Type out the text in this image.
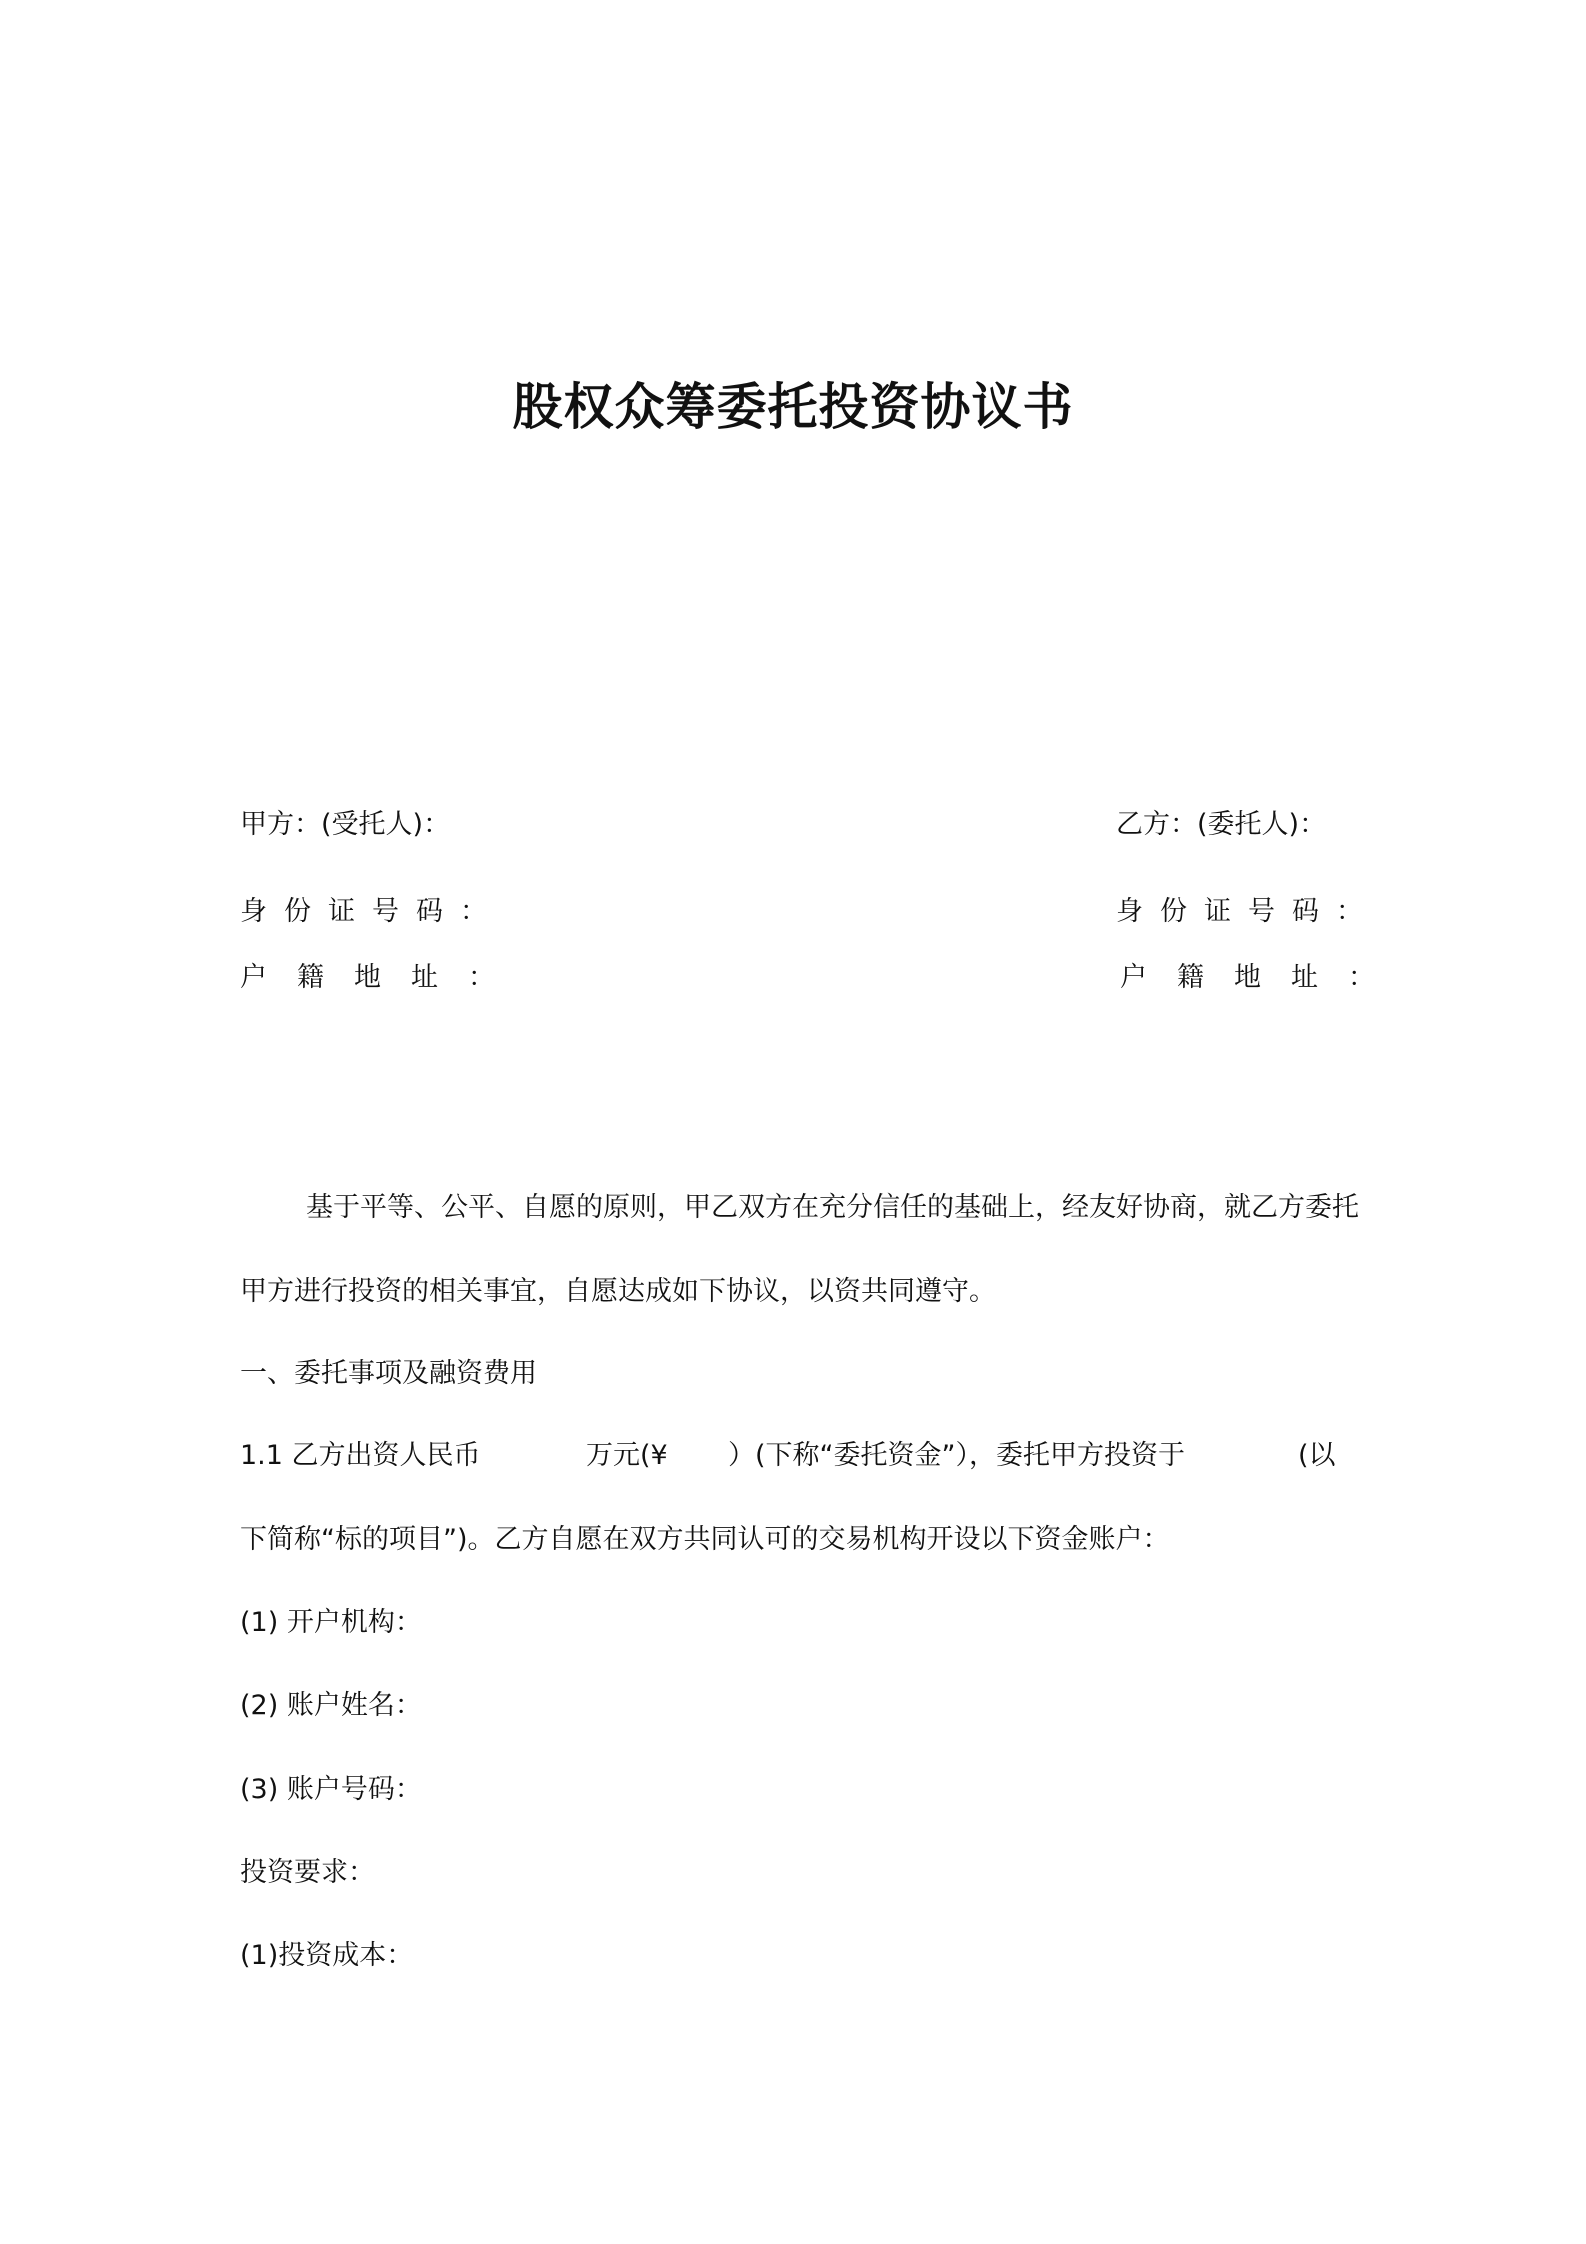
股权众筹委托投资协议书
甲方：(受托人)：
身份证号码：
户籍地址：
乙方：(委托人)：
身份证号码：
户籍地址：
基于平等、公平、自愿的原则，甲乙双方在充分信任的基础上，经友好协商，就乙方委托
甲方进行投资的相关事宜，自愿达成如下协议，以资共同遵守。
一、委托事项及融资费用
1.1 乙方出资人民币	万元(¥ ）(下称“委托资金”），委托甲方投资于	(以
下简称“标的项目”)。乙方自愿在双方共同认可的交易机构开设以下资金账户：
(1) 开户机构：
(2) 账户姓名：
(3) 账户号码：
投资要求：
(1)投资成本：
